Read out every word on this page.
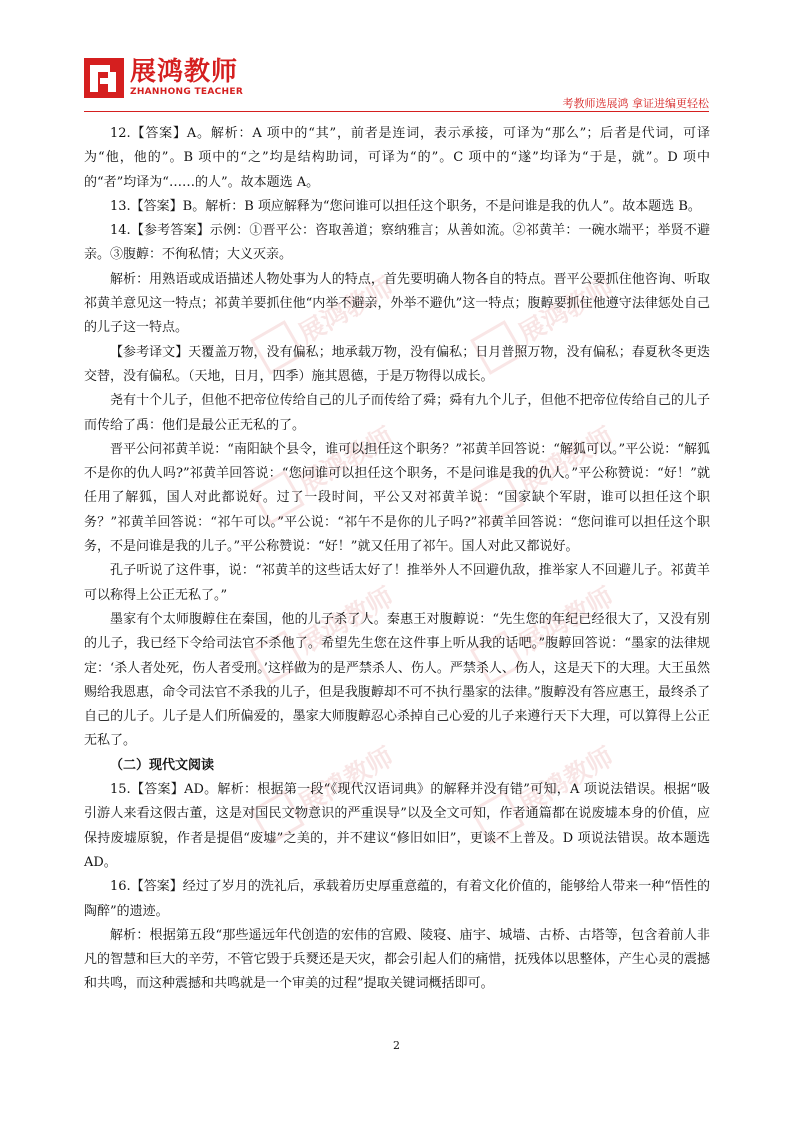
展鸿教师
ZHANHONG TEACHER
考教师选展鸿 拿证进编更轻松
展鸿教师	展鸿教师
展鸿教师	展鸿教师
展鸿教师	展鸿教师
展鸿教师	展鸿教师

12.【答案】A。解析：A 项中的“其”，前者是连词，表示承接，可译为“那么”；后者是代词，可译为“他，他的”。B 项中的“之”均是结构助词，可译为“的”。C 项中的“遂”均译为“于是，就”。D 项中的“者”均译为“……的人”。故本题选 A。

13.【答案】B。解析：B 项应解释为“您问谁可以担任这个职务，不是问谁是我的仇人”。故本题选 B。

14.【参考答案】示例：①晋平公：咨取善道；察纳雅言；从善如流。②祁黄羊：一碗水端平；举贤不避亲。③腹䵍：不徇私情；大义灭亲。

解析：用熟语或成语描述人物处事为人的特点，首先要明确人物各自的特点。晋平公要抓住他咨询、听取祁黄羊意见这一特点；祁黄羊要抓住他“内举不避亲，外举不避仇”这一特点；腹䵍要抓住他遵守法律惩处自己的儿子这一特点。

【参考译文】天覆盖万物，没有偏私；地承载万物，没有偏私；日月普照万物，没有偏私；春夏秋冬更迭交替，没有偏私。（天地，日月，四季）施其恩德，于是万物得以成长。

尧有十个儿子，但他不把帝位传给自己的儿子而传给了舜；舜有九个儿子，但他不把帝位传给自己的儿子而传给了禹：他们是最公正无私的了。

晋平公问祁黄羊说：“南阳缺个县令，谁可以担任这个职务？”祁黄羊回答说：“解狐可以。”平公说：“解狐不是你的仇人吗?”祁黄羊回答说：“您问谁可以担任这个职务，不是问谁是我的仇人。”平公称赞说：“好！”就任用了解狐，国人对此都说好。过了一段时间，平公又对祁黄羊说：“国家缺个军尉，谁可以担任这个职务？”祁黄羊回答说：“祁午可以。”平公说：“祁午不是你的儿子吗?”祁黄羊回答说：“您问谁可以担任这个职务，不是问谁是我的儿子。”平公称赞说：“好！”就又任用了祁午。国人对此又都说好。

孔子听说了这件事，说：“祁黄羊的这些话太好了！推举外人不回避仇敌，推举家人不回避儿子。祁黄羊可以称得上公正无私了。”

墨家有个太师腹䵍住在秦国，他的儿子杀了人。秦惠王对腹䵍说：“先生您的年纪已经很大了，又没有别的儿子，我已经下令给司法官不杀他了。希望先生您在这件事上听从我的话吧。”腹䵍回答说：“墨家的法律规定：‘杀人者处死，伤人者受刑。’这样做为的是严禁杀人、伤人。严禁杀人、伤人，这是天下的大理。大王虽然赐给我恩惠，命令司法官不杀我的儿子，但是我腹䵍却不可不执行墨家的法律。”腹䵍没有答应惠王，最终杀了自己的儿子。儿子是人们所偏爱的，墨家大师腹䵍忍心杀掉自己心爱的儿子来遵行天下大理，可以算得上公正无私了。

（二）现代文阅读

15.【答案】AD。解析：根据第一段“《现代汉语词典》的解释并没有错”可知，A 项说法错误。根据“吸引游人来看这假古董，这是对国民文物意识的严重误导”以及全文可知，作者通篇都在说废墟本身的价值，应保持废墟原貌，作者是提倡“废墟”之美的，并不建议“修旧如旧”，更谈不上普及。D 项说法错误。故本题选 AD。

16.【答案】经过了岁月的洗礼后，承载着历史厚重意蕴的，有着文化价值的，能够给人带来一种“悟性的陶醉”的遗迹。

解析：根据第五段“那些遥远年代创造的宏伟的宫殿、陵寝、庙宇、城墙、古桥、古塔等，包含着前人非凡的智慧和巨大的辛劳，不管它毁于兵燹还是天灾，都会引起人们的痛惜，抚残体以思整体，产生心灵的震撼和共鸣，而这种震撼和共鸣就是一个审美的过程”提取关键词概括即可。

2
